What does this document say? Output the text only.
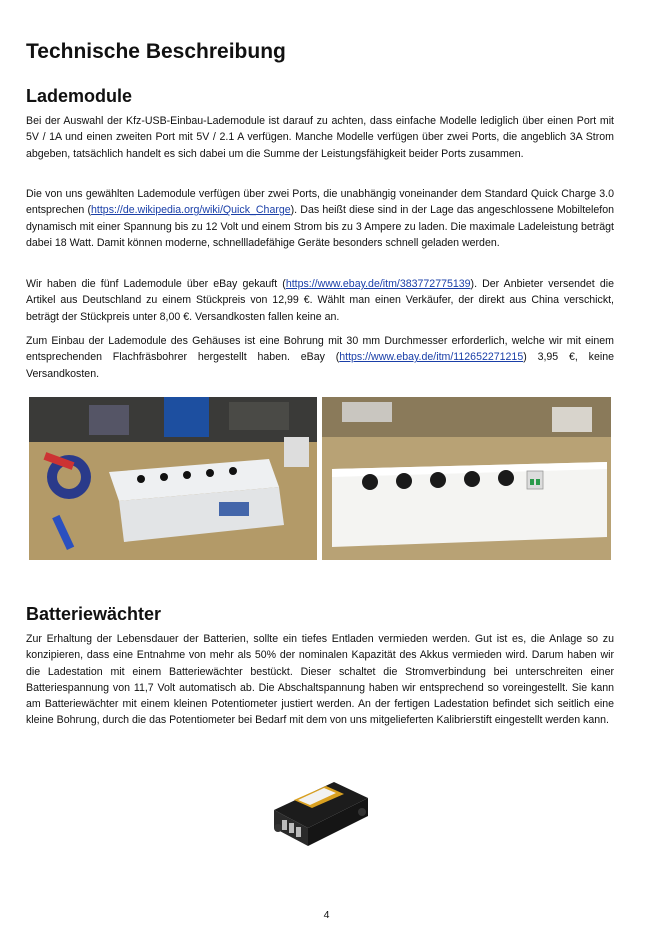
Technische Beschreibung
Lademodule

Bei der Auswahl der Kfz-USB-Einbau-Lademodule ist darauf zu achten, dass einfache Modelle lediglich über einen Port mit 5V / 1A und einen zweiten Port mit 5V / 2.1 A verfügen. Manche Modelle verfügen über zwei Ports, die angeblich 3A Strom abgeben, tatsächlich handelt es sich dabei um die Summe der Leistungsfähigkeit beider Ports zusammen.

Die von uns gewählten Lademodule verfügen über zwei Ports, die unabhängig voneinander dem Standard Quick Charge 3.0 entsprechen (https://de.wikipedia.org/wiki/Quick_Charge). Das heißt diese sind in der Lage das angeschlossene Mobiltelefon dynamisch mit einer Spannung bis zu 12 Volt und einem Strom bis zu 3 Ampere zu laden. Die maximale Ladeleistung beträgt dabei 18 Watt. Damit können moderne, schnellladefähige Geräte besonders schnell geladen werden.

Wir haben die fünf Lademodule über eBay gekauft (https://www.ebay.de/itm/383772775139). Der Anbieter versendet die Artikel aus Deutschland zu einem Stückpreis von 12,99 €. Wählt man einen Verkäufer, der direkt aus China verschickt, beträgt der Stückpreis unter 8,00 €. Versandkosten fallen keine an.

Zum Einbau der Lademodule des Gehäuses ist eine Bohrung mit 30 mm Durchmesser erforderlich, welche wir mit einem entsprechenden Flachfräsbohrer hergestellt haben. eBay (https://www.ebay.de/itm/112652271215) 3,95 €, keine Versandkosten.

Batteriewächter

Zur Erhaltung der Lebensdauer der Batterien, sollte ein tiefes Entladen vermieden werden. Gut ist es, die Anlage so zu konzipieren, dass eine Entnahme von mehr als 50% der nominalen Kapazität des Akkus vermieden wird. Darum haben wir die Ladestation mit einem Batteriewächter bestückt. Dieser schaltet die Stromverbindung bei unterschreiten einer Batteriespannung von 11,7 Volt automatisch ab. Die Abschaltspannung haben wir entsprechend so voreingestellt. Sie kann am Batteriewächter mit einem kleinen Potentiometer justiert werden. An der fertigen Ladestation befindet sich seitlich eine kleine Bohrung, durch die das Potentiometer bei Bedarf mit dem von uns mitgelieferten Kalibrierstift eingestellt werden kann.

4
